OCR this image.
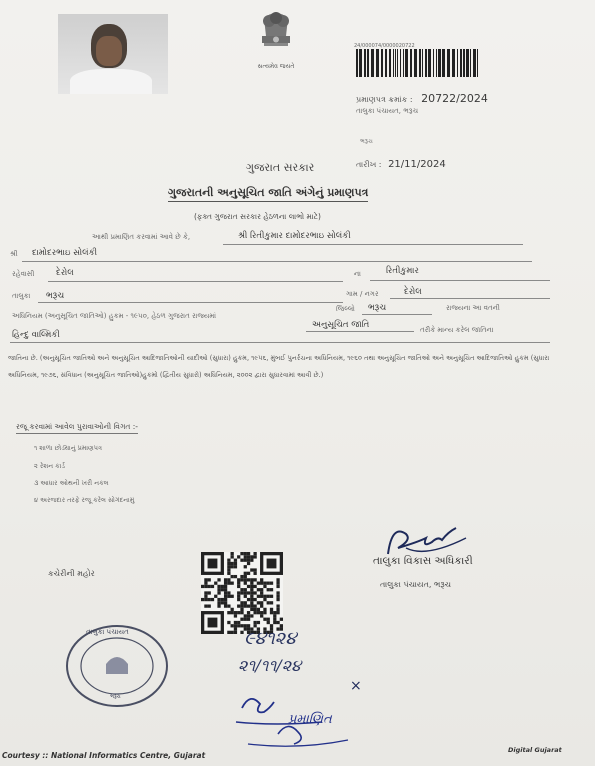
સત્યમેવ જયતે
24/000074/0000020722
પ્રમાણપત્ર ક્રમાંક : 20722/2024
તાલુકા પંચાયત, ભરૂચ
ભરૂચ
તારીખ : 21/11/2024
ગુજરાત સરકાર
ગુજરાતની અનુસૂચિત જાતિ અંગેનું પ્રમાણપત્ર
(ફક્ત ગુજરાત સરકાર હેઠળના લાભો માટે)
આથી પ્રમાણિત કરવામાં આવે છે કે,	શ્રી રિતીકુમાર દામોદરભાઇ સોલંકી
શ્રી દામોદરભાઇ સોલંકી
રહેવાસી	દેરોલ	ના	રિતીકુમાર
તાલુકા ભરૂચ	ગામ / નગર	દેરોલ
અધિનિયમ (અનુસૂચિત જાતિઓ) હુકમ - ૧૯૫૦, હેઠળ ગુજરાત રાજ્યમાં
જિલ્લો ભરૂચ	રાજ્યના આ વતની
અનુસૂચિત જાતિ	તરીકે માન્ય કરેલ જાતિના
હિન્દુ વાલ્મિકી
જાતિના છે. (અનુસૂચિત જાતિઓ અને અનુસૂચિત આદિજાતિઓની યાદીઓ (સુધારા) હુકમ, ૧૯૫૬, મુંબઈ પુનર્રચના અધિનિયમ, ૧૯૬૦ તથા અનુસૂચિત જાતિઓ અને અનુસૂચિત આદિજાતિઓ હુકમ (સુધારા અધિનિયમ, ૧૯૭૬, સંવિધાન (અનુસૂચિત જાતિઓ)હુકમો (દ્વિતીય સુધારો) અધિનિયમ, ૨૦૦૨ દ્વારા સુધારવામાં આવી છે.)
રજૂ કરવામાં આવેલ પુરાવાઓની વિગત :-
૧ શાળા છોડ્યાનું પ્રમાણપત્ર
૨ રેશન કાર્ડ
૩ આધાર ઓથની ખરી નકલ
૪ અરજદાર તરફે રજૂ કરેલ સોગંદનામું
કચેરીની મહોર
તાલુકા વિકાસ અધિકારી
તાલુકા પંચાયત, ભરૂચ
તાલુકા પંચાયત
ભરૂચ
૯૪૧૨૪
૨૧/૧૧/૨૪
×
પ્રમાણિત
Digital Gujarat
Courtesy :: National Informatics Centre, Gujarat
